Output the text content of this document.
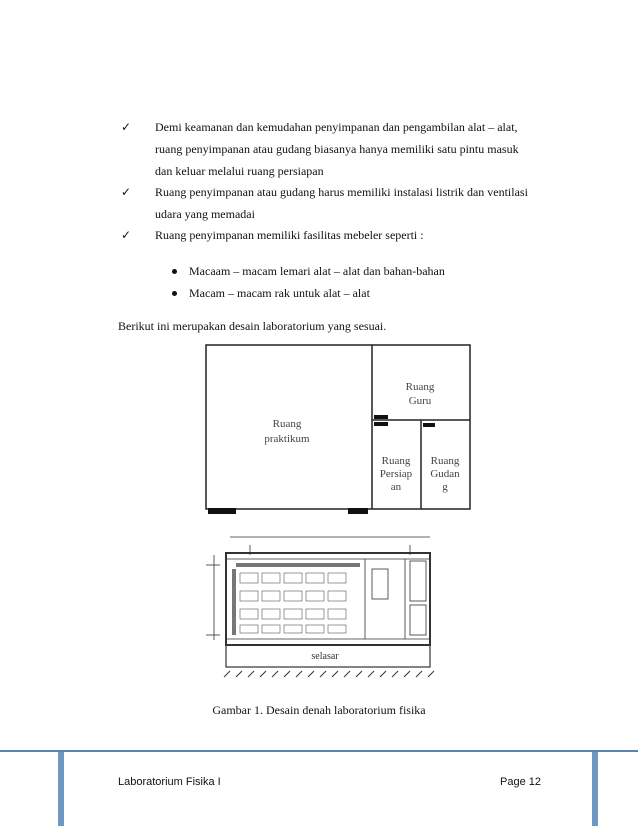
✓	Demi keamanan dan kemudahan penyimpanan dan pengambilan alat – alat,
ruang penyimpanan atau gudang biasanya hanya memiliki satu pintu masuk
dan keluar melalui ruang persiapan
✓	Ruang penyimpanan atau gudang harus memiliki instalasi listrik dan ventilasi
udara yang memadai
✓	Ruang penyimpanan memiliki fasilitas mebeler seperti :
Macaam – macam lemari alat – alat dan bahan-bahan
Macam – macam rak untuk alat – alat
Berikut ini merupakan desain laboratorium yang sesuai.
Ruang
praktikum
Ruang
Guru
Ruang
Persiap
an
Ruang
Gudan
g
selasar
Gambar 1. Desain denah laboratorium fisika
Laboratorium Fisika I	Page 12
